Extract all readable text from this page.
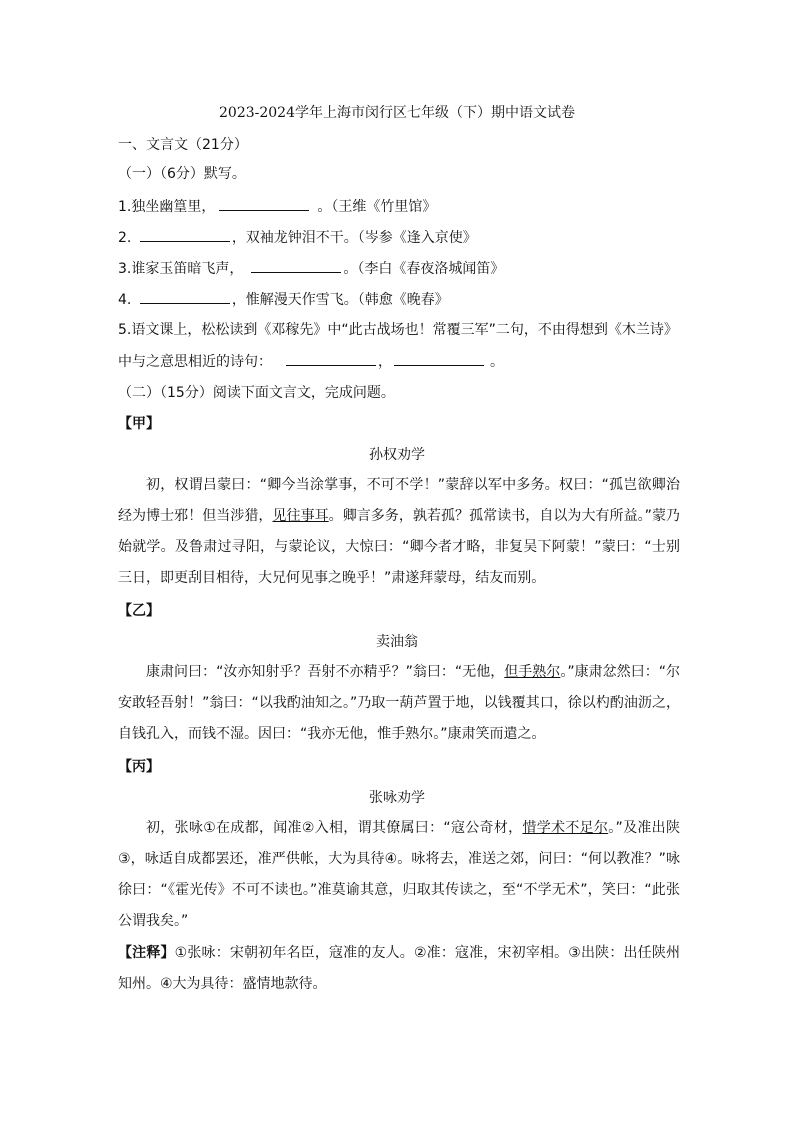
2023-2024学年上海市闵行区七年级（下）期中语文试卷
一、文言文（21分）
（一）（6分）默写。
1.独坐幽篁里，	。（王维《竹里馆》
2.	，双袖龙钟泪不干。（岑参《逢入京使》
3.谁家玉笛暗飞声，	。（李白《春夜洛城闻笛》
4.	，惟解漫天作雪飞。（韩愈《晚春》
5.语文课上，松松读到《邓稼先》中“此古战场也！常覆三军”二句，不由得想到《木兰诗》
中与之意思相近的诗句：	，	。
（二）（15分）阅读下面文言文，完成问题。
【甲】
孙权劝学
初，权谓吕蒙曰：“卿今当涂掌事，不可不学！”蒙辞以军中多务。权曰：“孤岂欲卿治经为博士邪！但当涉猎，见往事耳。卿言多务，孰若孤？孤常读书，自以为大有所益。”蒙乃始就学。及鲁肃过寻阳，与蒙论议，大惊曰：“卿今者才略，非复吴下阿蒙！”蒙曰：“士别三日，即更刮目相待，大兄何见事之晚乎！”肃遂拜蒙母，结友而别。
【乙】
卖油翁
康肃问曰：“汝亦知射乎？吾射不亦精乎？”翁曰：“无他，但手熟尔。”康肃忿然曰：“尔安敢轻吾射！”翁曰：“以我酌油知之。”乃取一葫芦置于地，以钱覆其口，徐以杓酌油沥之，自钱孔入，而钱不湿。因曰：“我亦无他，惟手熟尔。”康肃笑而遣之。
【丙】
张咏劝学
初，张咏①在成都，闻准②入相，谓其僚属曰：“寇公奇材，惜学术不足尔。”及准出陕③，咏适自成都罢还，准严供帐，大为具待④。咏将去，准送之郊，问曰：“何以教准？”咏徐曰：“《霍光传》不可不读也。”准莫谕其意，归取其传读之，至“不学无术”，笑曰：“此张公谓我矣。”
【注释】①张咏：宋朝初年名臣，寇准的友人。②准：寇准，宋初宰相。③出陕：出任陕州知州。④大为具待：盛情地款待。
